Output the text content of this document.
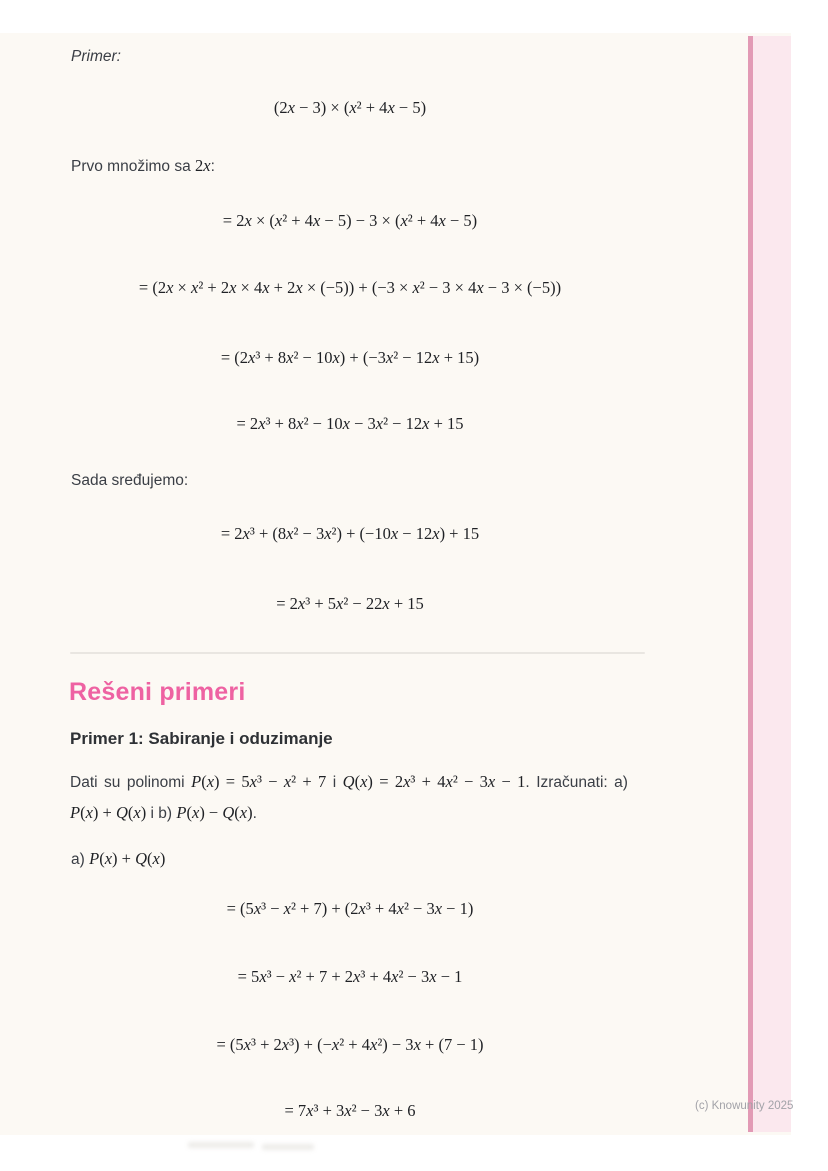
Primer:
(2x − 3) × (x² + 4x − 5)
Prvo množimo sa 2x:
= 2x × (x² + 4x − 5) − 3 × (x² + 4x − 5)
= (2x × x² + 2x × 4x + 2x × (−5)) + (−3 × x² − 3 × 4x − 3 × (−5))
= (2x³ + 8x² − 10x) + (−3x² − 12x + 15)
= 2x³ + 8x² − 10x − 3x² − 12x + 15
Sada sređujemo:
= 2x³ + (8x² − 3x²) + (−10x − 12x) + 15
= 2x³ + 5x² − 22x + 15
Rešeni primeri
Primer 1: Sabiranje i oduzimanje
Dati su polinomi P(x) = 5x³ − x² + 7 i Q(x) = 2x³ + 4x² − 3x − 1. Izračunati: a)
P(x) + Q(x) i b) P(x) − Q(x).
a) P(x) + Q(x)
= (5x³ − x² + 7) + (2x³ + 4x² − 3x − 1)
= 5x³ − x² + 7 + 2x³ + 4x² − 3x − 1
= (5x³ + 2x³) + (−x² + 4x²) − 3x + (7 − 1)
= 7x³ + 3x² − 3x + 6	(c) Knowunity 2025
